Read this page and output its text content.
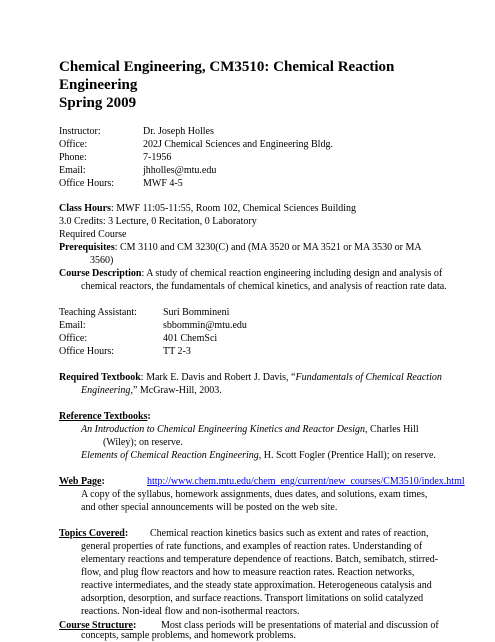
Chemical Engineering, CM3510: Chemical Reaction Engineering
Spring 2009
Instructor:	Dr. Joseph Holles
Office:	202J Chemical Sciences and Engineering Bldg.
Phone:	7-1956
Email:	jhholles@mtu.edu
Office Hours:	MWF 4-5
Class Hours: MWF 11:05-11:55, Room 102, Chemical Sciences Building
3.0 Credits: 3 Lecture, 0 Recitation, 0 Laboratory
Required Course
Prerequisites: CM 3110 and CM 3230(C) and (MA 3520 or MA 3521 or MA 3530 or MA
3560)
Course Description: A study of chemical reaction engineering including design and analysis of
chemical reactors, the fundamentals of chemical kinetics, and analysis of reaction rate data.
Teaching Assistant:	Suri Bommineni
Email:	sbbommin@mtu.edu
Office:	401 ChemSci
Office Hours:	TT 2-3
Required Textbook: Mark E. Davis and Robert J. Davis, “Fundamentals of Chemical Reaction
Engineering,” McGraw-Hill, 2003.
Reference Textbooks:
An Introduction to Chemical Engineering Kinetics and Reactor Design, Charles Hill
(Wiley); on reserve.
Elements of Chemical Reaction Engineering, H. Scott Fogler (Prentice Hall); on reserve.
Web Page:	http://www.chem.mtu.edu/chem_eng/current/new_courses/CM3510/index.html
A copy of the syllabus, homework assignments, dues dates, and solutions, exam times,
and other special announcements will be posted on the web site.
Topics Covered: Chemical reaction kinetics basics such as extent and rates of reaction,
general properties of rate functions, and examples of reaction rates. Understanding of
elementary reactions and temperature dependence of reactions. Batch, semibatch, stirred-
flow, and plug flow reactors and how to measure reaction rates. Reaction networks,
reactive intermediates, and the steady state approximation. Heterogeneous catalysis and
adsorption, desorption, and surface reactions. Transport limitations on solid catalyzed
reactions. Non-ideal flow and non-isothermal reactors.
Course Structure: Most class periods will be presentations of material and discussion of
concepts, sample problems, and homework problems.
